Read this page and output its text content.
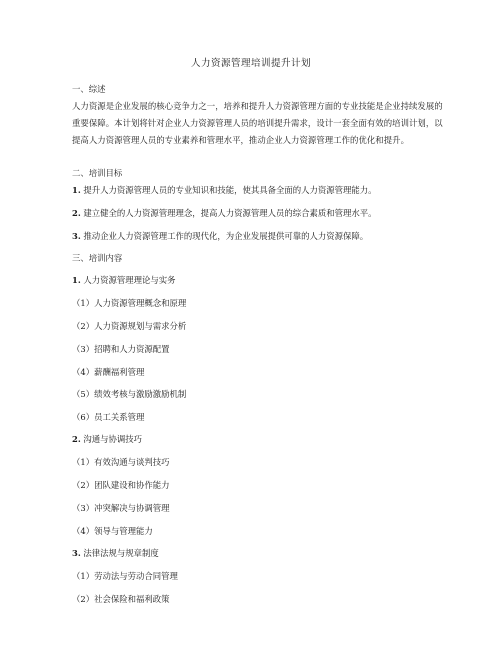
人力资源管理培训提升计划
一、综述
人力资源是企业发展的核心竞争力之一，培养和提升人力资源管理方面的专业技能是企业持续发展的重要保障。本计划将针对企业人力资源管理人员的培训提升需求，设计一套全面有效的培训计划，以提高人力资源管理人员的专业素养和管理水平，推动企业人力资源管理工作的优化和提升。
二、培训目标
1. 提升人力资源管理人员的专业知识和技能，使其具备全面的人力资源管理能力。
2. 建立健全的人力资源管理理念，提高人力资源管理人员的综合素质和管理水平。
3. 推动企业人力资源管理工作的现代化，为企业发展提供可靠的人力资源保障。
三、培训内容
1. 人力资源管理理论与实务
（1）人力资源管理概念和原理
（2）人力资源规划与需求分析
（3）招聘和人力资源配置
（4）薪酬福利管理
（5）绩效考核与激励激励机制
（6）员工关系管理
2. 沟通与协调技巧
（1）有效沟通与谈判技巧
（2）团队建设和协作能力
（3）冲突解决与协调管理
（4）领导与管理能力
3. 法律法规与规章制度
（1）劳动法与劳动合同管理
（2）社会保险和福利政策
